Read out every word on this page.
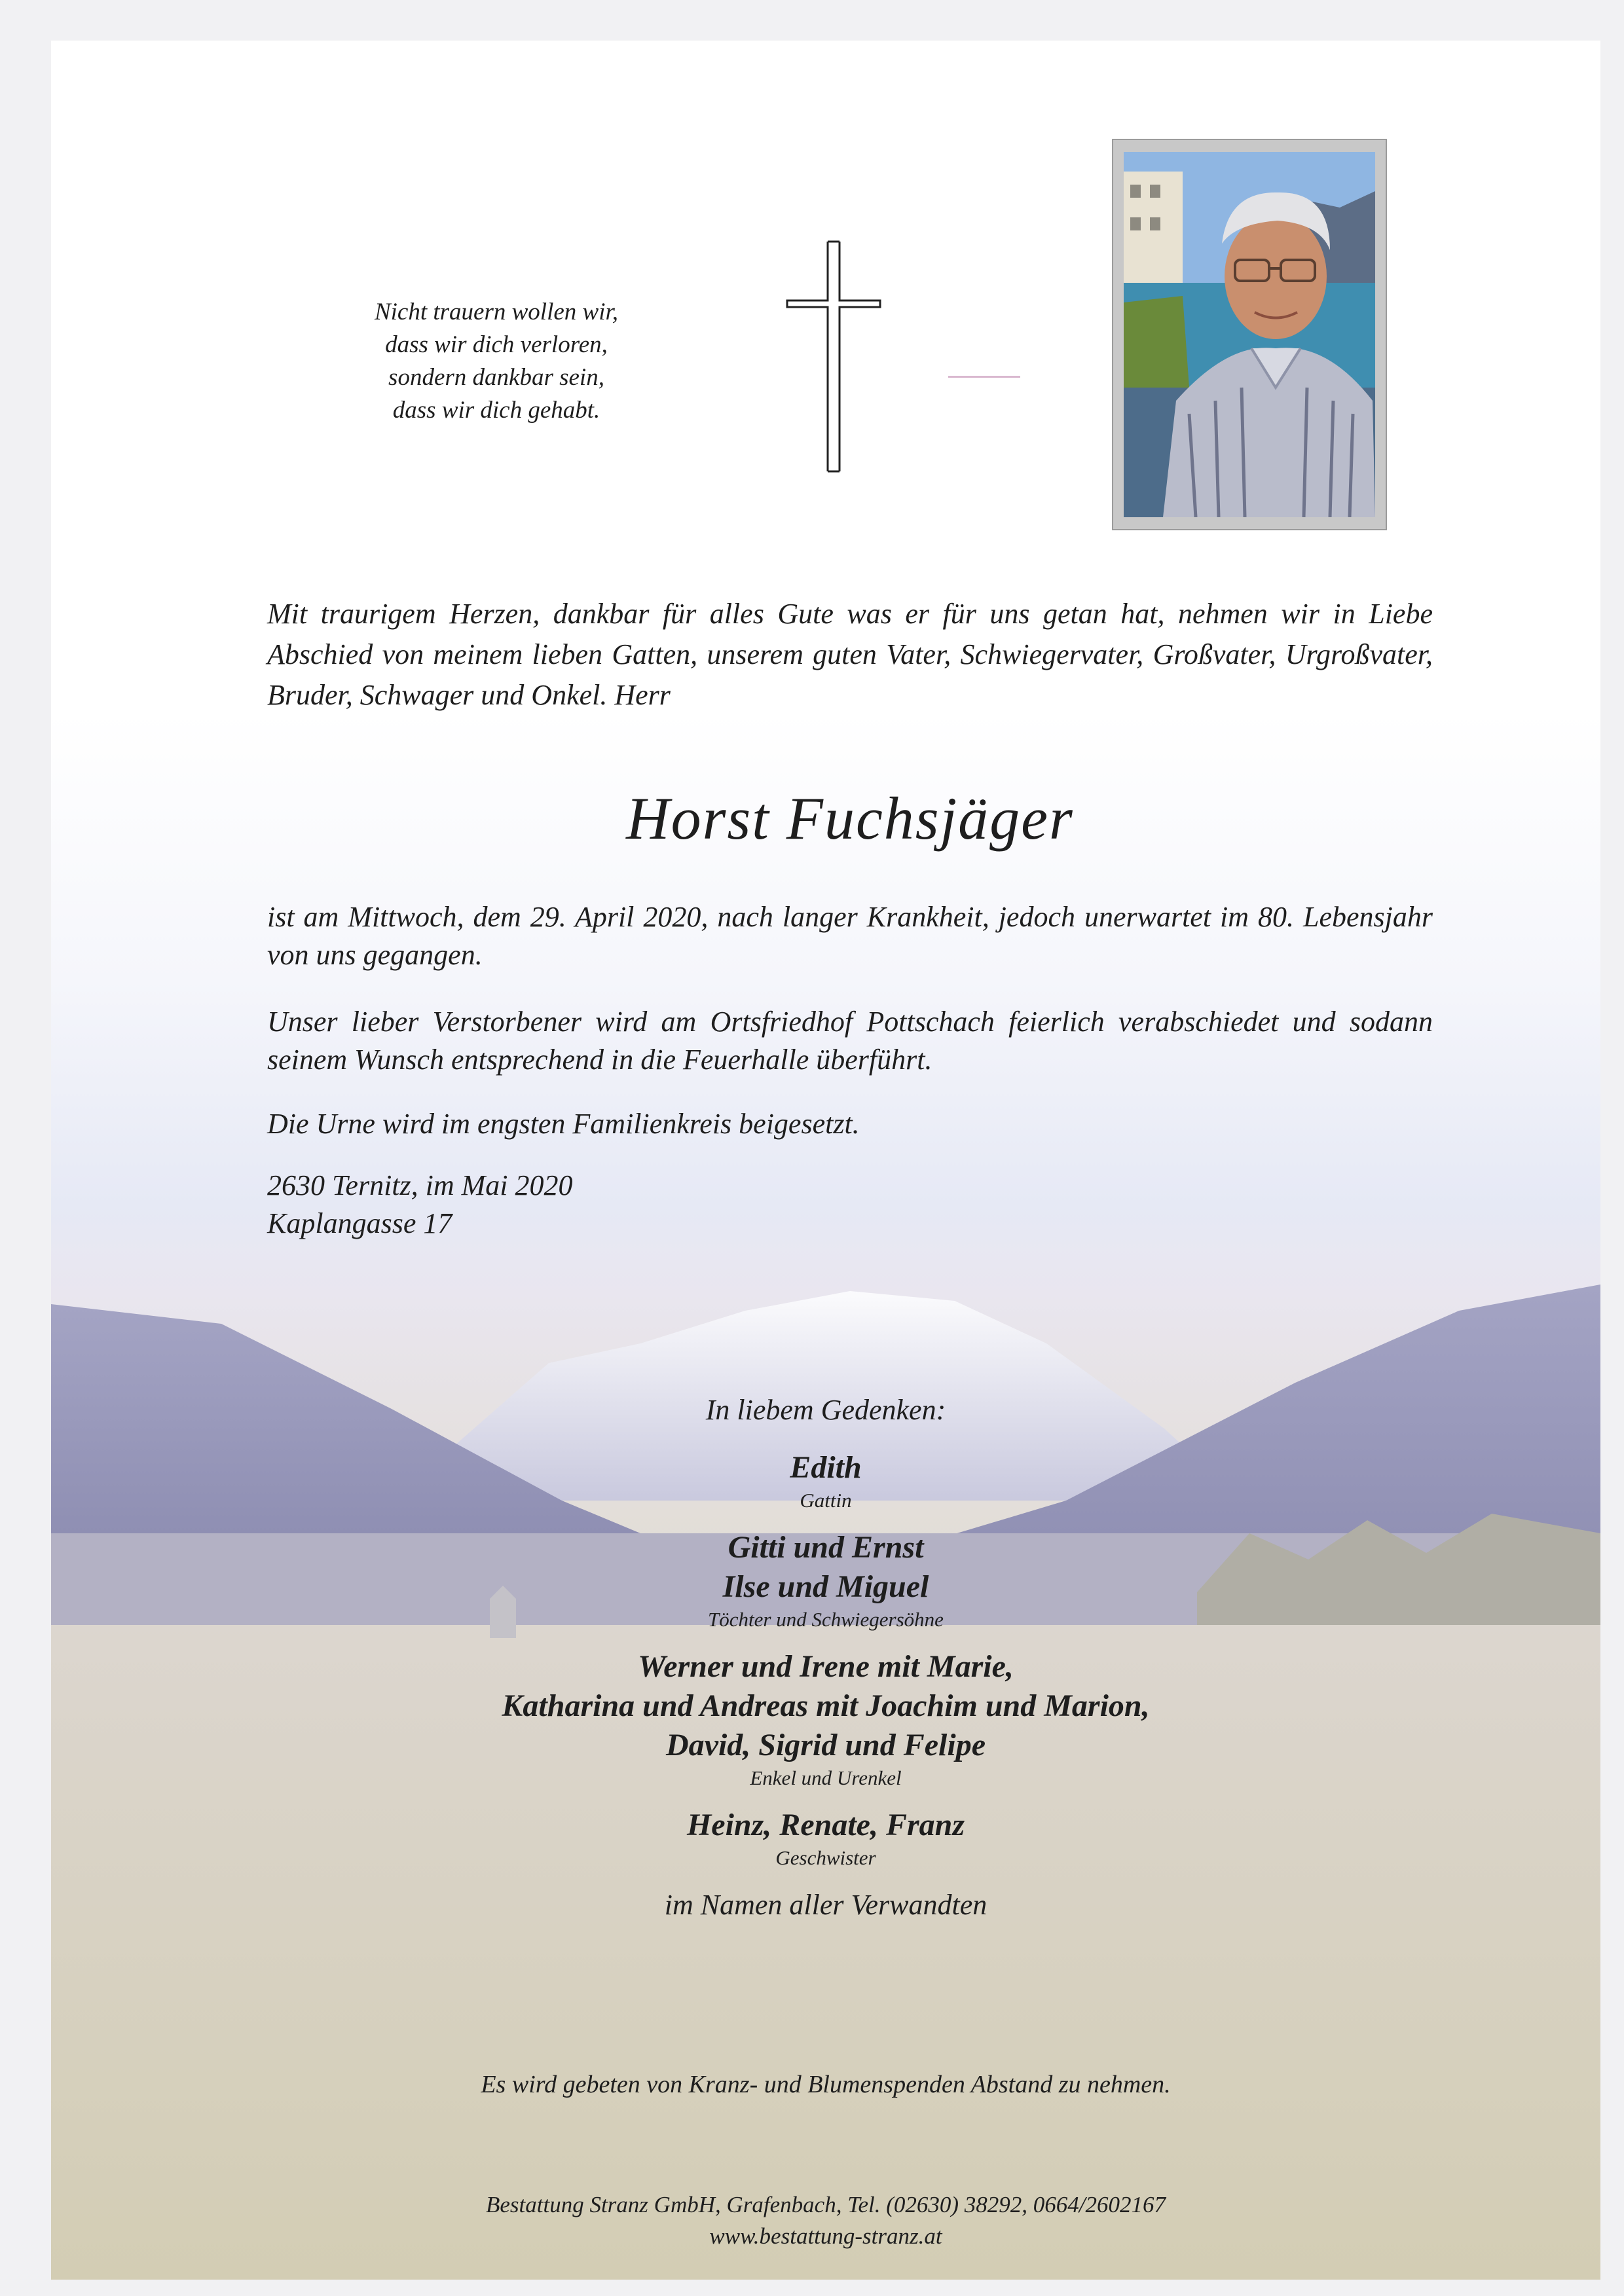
Nicht trauern wollen wir,
dass wir dich verloren,
sondern dankbar sein,
dass wir dich gehabt.
Mit traurigem Herzen, dankbar für alles Gute was er für uns getan hat, nehmen wir in Liebe Abschied von meinem lieben Gatten, unserem guten Vater, Schwiegervater, Großvater, Urgroßvater, Bruder, Schwager und Onkel. Herr
Horst Fuchsjäger
ist am Mittwoch, dem 29. April 2020, nach langer Krankheit, jedoch unerwartet im 80. Lebensjahr von uns gegangen.
Unser lieber Verstorbener wird am Ortsfriedhof Pottschach feierlich verabschiedet und sodann seinem Wunsch entsprechend in die Feuerhalle überführt.
Die Urne wird im engsten Familienkreis beigesetzt.
2630 Ternitz, im Mai 2020
Kaplangasse 17
In liebem Gedenken:
Edith
Gattin
Gitti und Ernst
Ilse und Miguel
Töchter und Schwiegersöhne
Werner und Irene mit Marie,
Katharina und Andreas mit Joachim und Marion,
David, Sigrid und Felipe
Enkel und Urenkel
Heinz, Renate, Franz
Geschwister
im Namen aller Verwandten
Es wird gebeten von Kranz- und Blumenspenden Abstand zu nehmen.
Bestattung Stranz GmbH, Grafenbach, Tel. (02630) 38292, 0664/2602167
www.bestattung-stranz.at
